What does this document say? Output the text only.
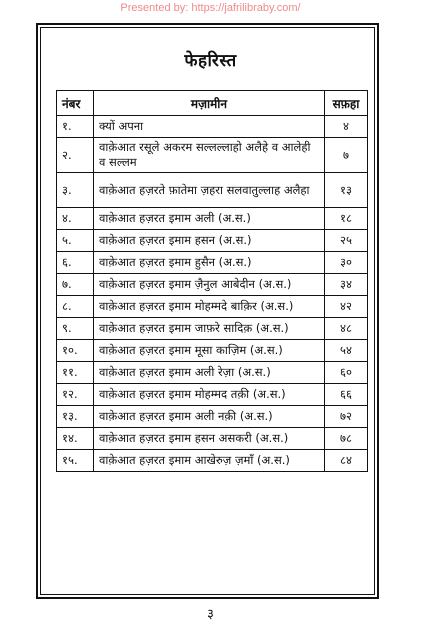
Presented by: https://jafrilibraby.com/
फेहरिस्त
नंबर	मज़ामीन	सफ़हा
१.	क्यों अपना	४
२.	वाक़ेआत रसूले अकरम सल्लल्लाहो अलैहे व आलेही व सल्लम	७
३.	वाक़ेआत हज़रते फ़ातेमा ज़हरा सलवातुल्लाह अलैहा	१३
४.	वाक़ेआत हज़रत इमाम अली (अ.स.)	१८
५.	वाक़ेआत हज़रत इमाम हसन (अ.स.)	२५
६.	वाक़ेआत हज़रत इमाम हुसैन (अ.स.)	३०
७.	वाक़ेआत हज़रत इमाम ज़ैनुल आबेदीन (अ.स.)	३४
८.	वाक़ेआत हज़रत इमाम मोहम्मदे बाक़िर (अ.स.)	४२
९.	वाक़ेआत हज़रत इमाम जाफ़रे सादिक़ (अ.स.)	४८
१०.	वाक़ेआत हज़रत इमाम मूसा काज़िम (अ.स.)	५४
११.	वाक़ेआत हज़रत इमाम अली रेज़ा (अ.स.)	६०
१२.	वाक़ेआत हज़रत इमाम मोहम्मद तक़ी (अ.स.)	६६
१३.	वाक़ेआत हज़रत इमाम अली नक़ी (अ.स.)	७२
१४.	वाक़ेआत हज़रत इमाम हसन असकरी (अ.स.)	७८
१५.	वाक़ेआत हज़रत इमाम आखेरुज़ ज़माँ (अ.स.)	८४
३
